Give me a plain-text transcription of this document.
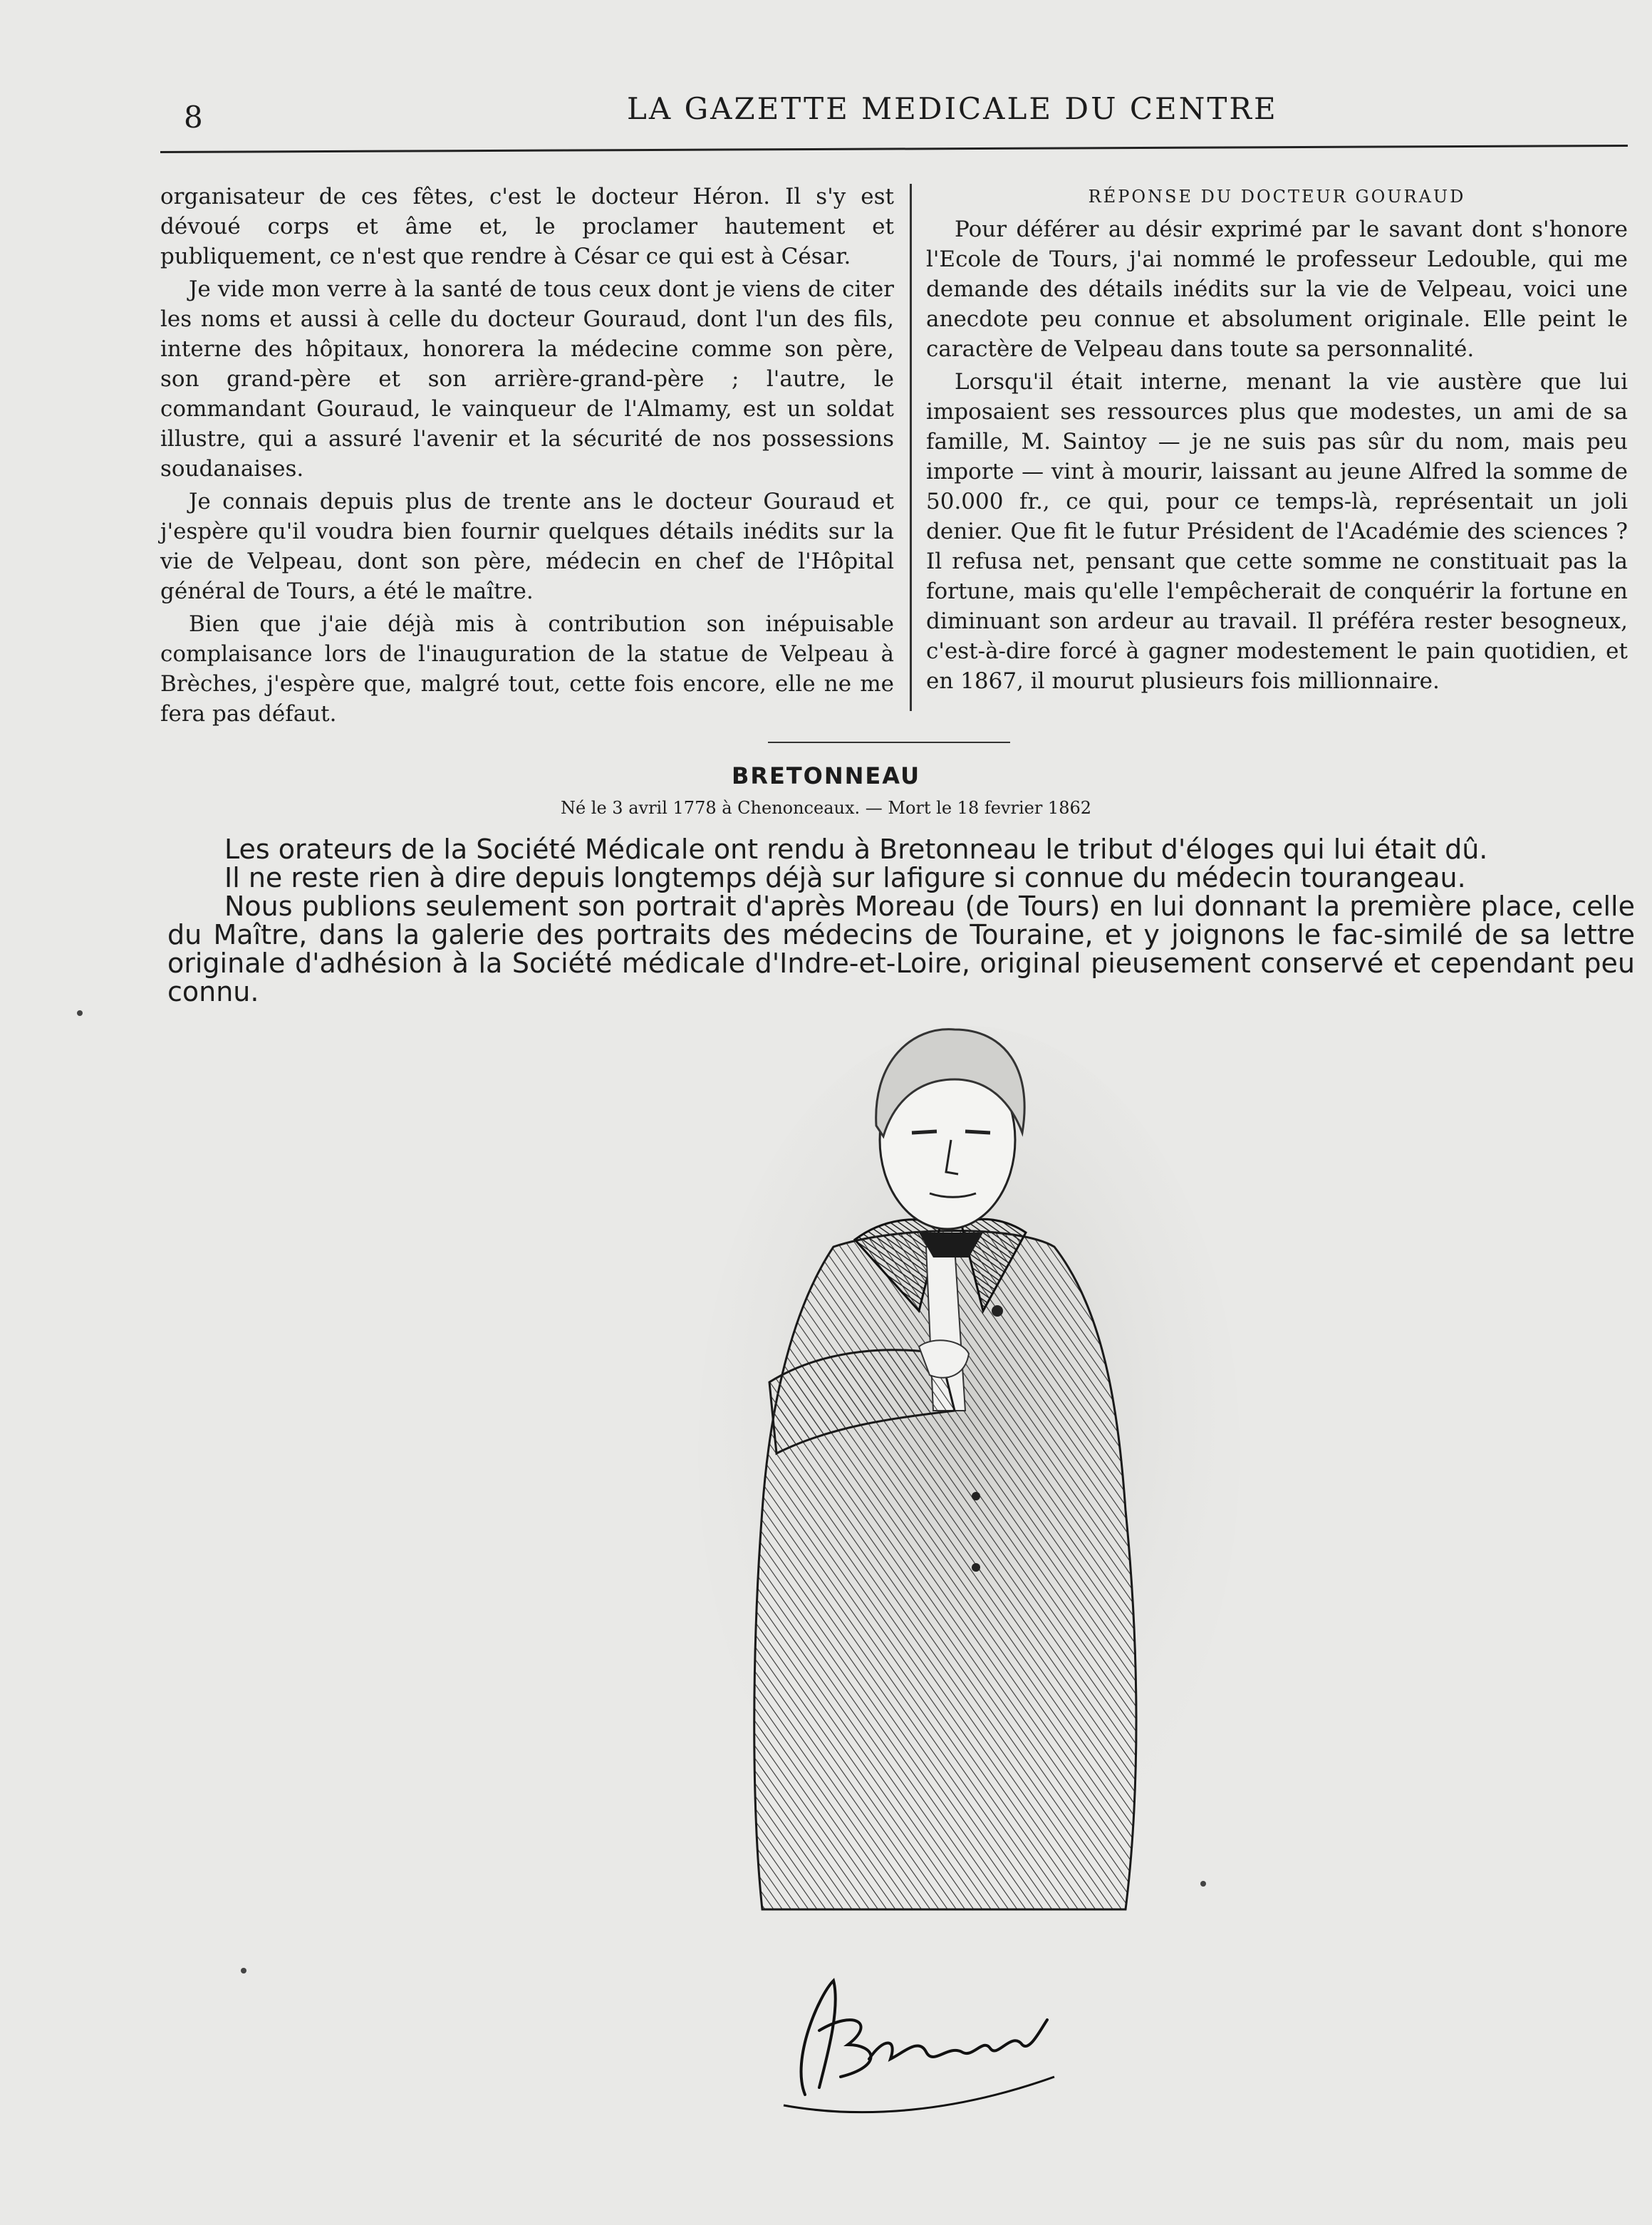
8	LA GAZETTE MEDICALE DU CENTRE

organisateur de ces fêtes, c'est le docteur Héron. Il s'y est dévoué corps et âme et, le proclamer hautement et publiquement, ce n'est que rendre à César ce qui est à César.

Je vide mon verre à la santé de tous ceux dont je viens de citer les noms et aussi à celle du docteur Gouraud, dont l'un des fils, interne des hôpitaux, honorera la médecine comme son père, son grand-père et son arrière-grand-père ; l'autre, le commandant Gouraud, le vainqueur de l'Almamy, est un soldat illustre, qui a assuré l'avenir et la sécurité de nos possessions soudanaises.

Je connais depuis plus de trente ans le docteur Gouraud et j'espère qu'il voudra bien fournir quelques détails inédits sur la vie de Velpeau, dont son père, médecin en chef de l'Hôpital général de Tours, a été le maître.

Bien que j'aie déjà mis à contribution son inépuisable complaisance lors de l'inauguration de la statue de Velpeau à Brèches, j'espère que, malgré tout, cette fois encore, elle ne me fera pas défaut.

RÉPONSE DU DOCTEUR GOURAUD

Pour déférer au désir exprimé par le savant dont s'honore l'Ecole de Tours, j'ai nommé le professeur Ledouble, qui me demande des détails inédits sur la vie de Velpeau, voici une anecdote peu connue et absolument originale. Elle peint le caractère de Velpeau dans toute sa personnalité.

Lorsqu'il était interne, menant la vie austère que lui imposaient ses ressources plus que modestes, un ami de sa famille, M. Saintoy — je ne suis pas sûr du nom, mais peu importe — vint à mourir, laissant au jeune Alfred la somme de 50.000 fr., ce qui, pour ce temps-là, représentait un joli denier. Que fit le futur Président de l'Académie des sciences ? Il refusa net, pensant que cette somme ne constituait pas la fortune, mais qu'elle l'empêcherait de conquérir la fortune en diminuant son ardeur au travail. Il préféra rester besogneux, c'est-à-dire forcé à gagner modestement le pain quotidien, et en 1867, il mourut plusieurs fois millionnaire.

BRETONNEAU
Né le 3 avril 1778 à Chenonceaux. — Mort le 18 fevrier 1862

Les orateurs de la Société Médicale ont rendu à Bretonneau le tribut d'éloges qui lui était dû.

Il ne reste rien à dire depuis longtemps déjà sur lafigure si connue du médecin tourangeau.

Nous publions seulement son portrait d'après Moreau (de Tours) en lui donnant la première place, celle du Maître, dans la galerie des portraits des médecins de Touraine, et y joignons le fac-similé de sa lettre originale d'adhésion à la Société médicale d'Indre-et-Loire, original pieusement conservé et cependant peu connu.
